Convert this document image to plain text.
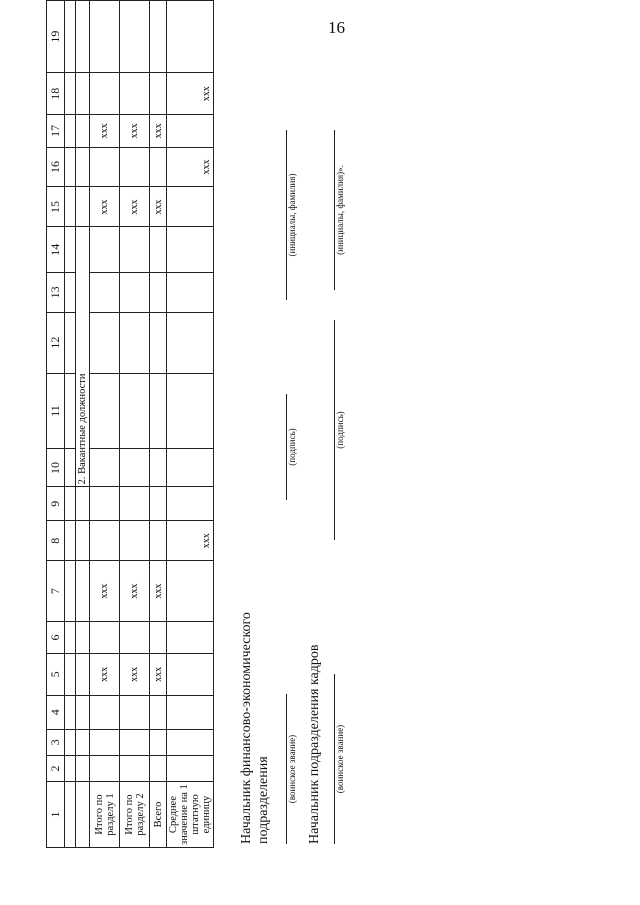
16
1	2	3	4	5	6	7	8	9	10	11	12	13	14	15	16	17	18	19

									2. Вакантные должности									
Итого по разделу 1				xxx		xxx								xxx		xxx		
Итого по разделу 2				xxx		xxx								xxx		xxx		
Всего				xxx		xxx								xxx		xxx		
Среднее значение на 1 штатную единицу							xxx								xxx		xxx	
Начальник финансово-экономического подразделения (воинское звание)
(подпись)
(инициалы, фамилия)
Начальник подразделения кадров (воинское звание)
(подпись)
(инициалы, фамилия)».
